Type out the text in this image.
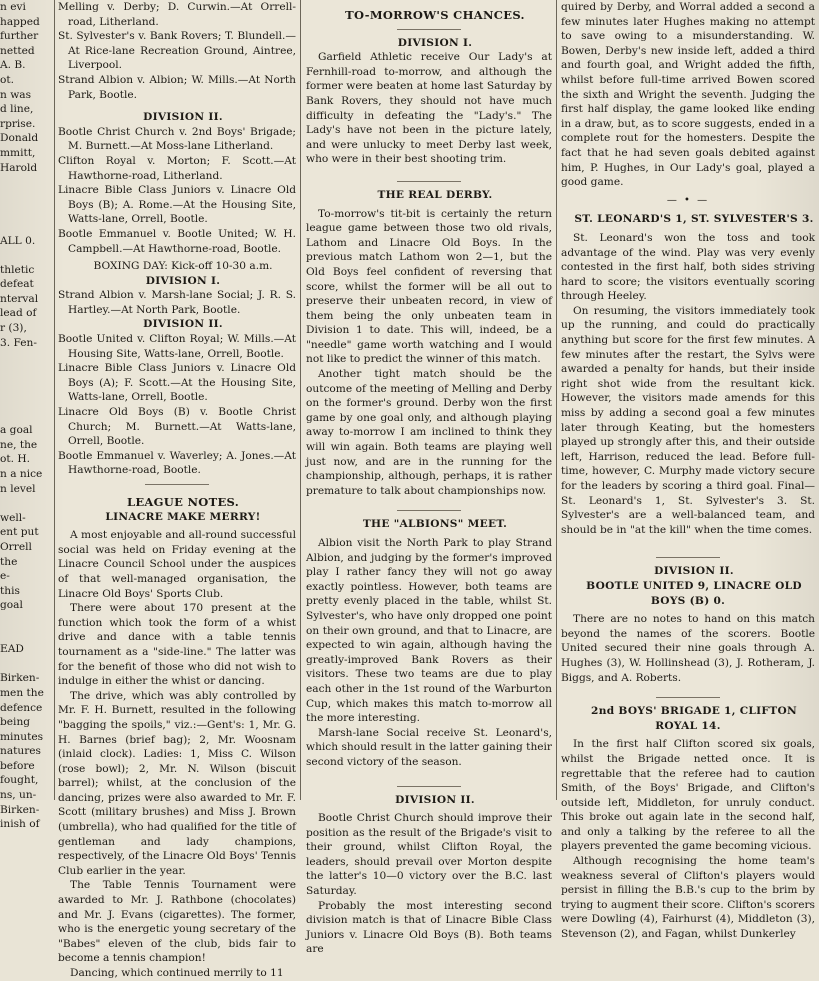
n evi

happed

further

netted

A. B.

ot.

n was

d line,

rprise.

Donald

mmitt,

Harold

ALL 0.

thletic

defeat

nterval

lead of

r (3),

3. Fen-

a goal

ne, the

ot. H.

n a nice

n level

well-

ent put

Orrell

the

e-

this

goal

EAD

Birken-

men the

defence

being

minutes

natures

before

fought,

ns, un-

Birken-

inish of

Melling v. Derby; D. Curwin.—At Orrell-road, Litherland.

St. Sylvester's v. Bank Rovers; T. Blundell.—At Rice-lane Recreation Ground, Aintree, Liverpool.

Strand Albion v. Albion; W. Mills.—At North Park, Bootle.

DIVISION II.

Bootle Christ Church v. 2nd Boys' Brigade; M. Burnett.—At Moss-lane Litherland.

Clifton Royal v. Morton; F. Scott.—At Hawthorne-road, Litherland.

Linacre Bible Class Juniors v. Linacre Old Boys (B); A. Rome.—At the Housing Site, Watts-lane, Orrell, Bootle.

Bootle Emmanuel v. Bootle United; W. H. Campbell.—At Hawthorne-road, Bootle.

BOXING DAY: Kick-off 10-30 a.m.

DIVISION I.

Strand Albion v. Marsh-lane Social; J. R. S. Hartley.—At North Park, Bootle.

DIVISION II.

Bootle United v. Clifton Royal; W. Mills.—At Housing Site, Watts-lane, Orrell, Bootle.

Linacre Bible Class Juniors v. Linacre Old Boys (A); F. Scott.—At the Housing Site, Watts-lane, Orrell, Bootle.

Linacre Old Boys (B) v. Bootle Christ Church; M. Burnett.—At Watts-lane, Orrell, Bootle.

Bootle Emmanuel v. Waverley; A. Jones.—At Hawthorne-road, Bootle.

LEAGUE NOTES.

LINACRE MAKE MERRY!

A most enjoyable and all-round successful social was held on Friday evening at the Linacre Council School under the auspices of that well-managed organisation, the Linacre Old Boys' Sports Club.

There were about 170 present at the function which took the form of a whist drive and dance with a table tennis tournament as a "side-line." The latter was for the benefit of those who did not wish to indulge in either the whist or dancing.

The drive, which was ably controlled by Mr. F. H. Burnett, resulted in the following "bagging the spoils," viz.:—Gent's: 1, Mr. G. H. Barnes (brief bag); 2, Mr. Woosnam (inlaid clock). Ladies: 1, Miss C. Wilson (rose bowl); 2, Mr. N. Wilson (biscuit barrel); whilst, at the conclusion of the dancing, prizes were also awarded to Mr. F. Scott (military brushes) and Miss J. Brown (umbrella), who had qualified for the title of gentleman and lady champions, respectively, of the Linacre Old Boys' Tennis Club earlier in the year.

The Table Tennis Tournament were awarded to Mr. J. Rathbone (chocolates) and Mr. J. Evans (cigarettes). The former, who is the energetic young secretary of the "Babes" eleven of the club, bids fair to become a tennis champion!

Dancing, which continued merrily to 11

TO-MORROW'S CHANCES.

DIVISION I.

Garfield Athletic receive Our Lady's at Fernhill-road to-morrow, and although the former were beaten at home last Saturday by Bank Rovers, they should not have much difficulty in defeating the "Lady's." The Lady's have not been in the picture lately, and were unlucky to meet Derby last week, who were in their best shooting trim.

THE REAL DERBY.

To-morrow's tit-bit is certainly the return league game between those two old rivals, Lathom and Linacre Old Boys. In the previous match Lathom won 2—1, but the Old Boys feel confident of reversing that score, whilst the former will be all out to preserve their unbeaten record, in view of them being the only unbeaten team in Division 1 to date. This will, indeed, be a "needle" game worth watching and I would not like to predict the winner of this match.

Another tight match should be the outcome of the meeting of Melling and Derby on the former's ground. Derby won the first game by one goal only, and although playing away to-morrow I am inclined to think they will win again. Both teams are playing well just now, and are in the running for the championship, although, perhaps, it is rather premature to talk about championships now.

THE "ALBIONS" MEET.

Albion visit the North Park to play Strand Albion, and judging by the former's improved play I rather fancy they will not go away exactly pointless. However, both teams are pretty evenly placed in the table, whilst St. Sylvester's, who have only dropped one point on their own ground, and that to Linacre, are expected to win again, although having the greatly-improved Bank Rovers as their visitors. These two teams are due to play each other in the 1st round of the Warburton Cup, which makes this match to-morrow all the more interesting.

Marsh-lane Social receive St. Leonard's, which should result in the latter gaining their second victory of the season.

DIVISION II.

Bootle Christ Church should improve their position as the result of the Brigade's visit to their ground, whilst Clifton Royal, the leaders, should prevail over Morton despite the latter's 10—0 victory over the B.C. last Saturday.

Probably the most interesting second division match is that of Linacre Bible Class Juniors v. Linacre Old Boys (B). Both teams are

quired by Derby, and Worral added a second a few minutes later Hughes making no attempt to save owing to a misunderstanding. W. Bowen, Derby's new inside left, added a third and fourth goal, and Wright added the fifth, whilst before full-time arrived Bowen scored the sixth and Wright the seventh. Judging the first half display, the game looked like ending in a draw, but, as to score suggests, ended in a complete rout for the homesters. Despite the fact that he had seven goals debited against him, P. Hughes, in Our Lady's goal, played a good game.

— • —

ST. LEONARD'S 1, ST. SYLVESTER'S 3.

St. Leonard's won the toss and took advantage of the wind. Play was very evenly contested in the first half, both sides striving hard to score; the visitors eventually scoring through Heeley.

On resuming, the visitors immediately took up the running, and could do practically anything but score for the first few minutes. A few minutes after the restart, the Sylvs were awarded a penalty for hands, but their inside right shot wide from the resultant kick. However, the visitors made amends for this miss by adding a second goal a few minutes later through Keating, but the homesters played up strongly after this, and their outside left, Harrison, reduced the lead. Before full-time, however, C. Murphy made victory secure for the leaders by scoring a third goal. Final—St. Leonard's 1, St. Sylvester's 3. St. Sylvester's are a well-balanced team, and should be in "at the kill" when the time comes.

DIVISION II.

BOOTLE UNITED 9, LINACRE OLD BOYS (B) 0.

There are no notes to hand on this match beyond the names of the scorers. Bootle United secured their nine goals through A. Hughes (3), W. Hollinshead (3), J. Rotheram, J. Biggs, and A. Roberts.

2nd BOYS' BRIGADE 1, CLIFTON ROYAL 14.

In the first half Clifton scored six goals, whilst the Brigade netted once. It is regrettable that the referee had to caution Smith, of the Boys' Brigade, and Clifton's outside left, Middleton, for unruly conduct. This broke out again late in the second half, and only a talking by the referee to all the players prevented the game becoming vicious.

Although recognising the home team's weakness several of Clifton's players would persist in filling the B.B.'s cup to the brim by trying to augment their score. Clifton's scorers were Dowling (4), Fairhurst (4), Middleton (3), Stevenson (2), and Fagan, whilst Dunkerley
